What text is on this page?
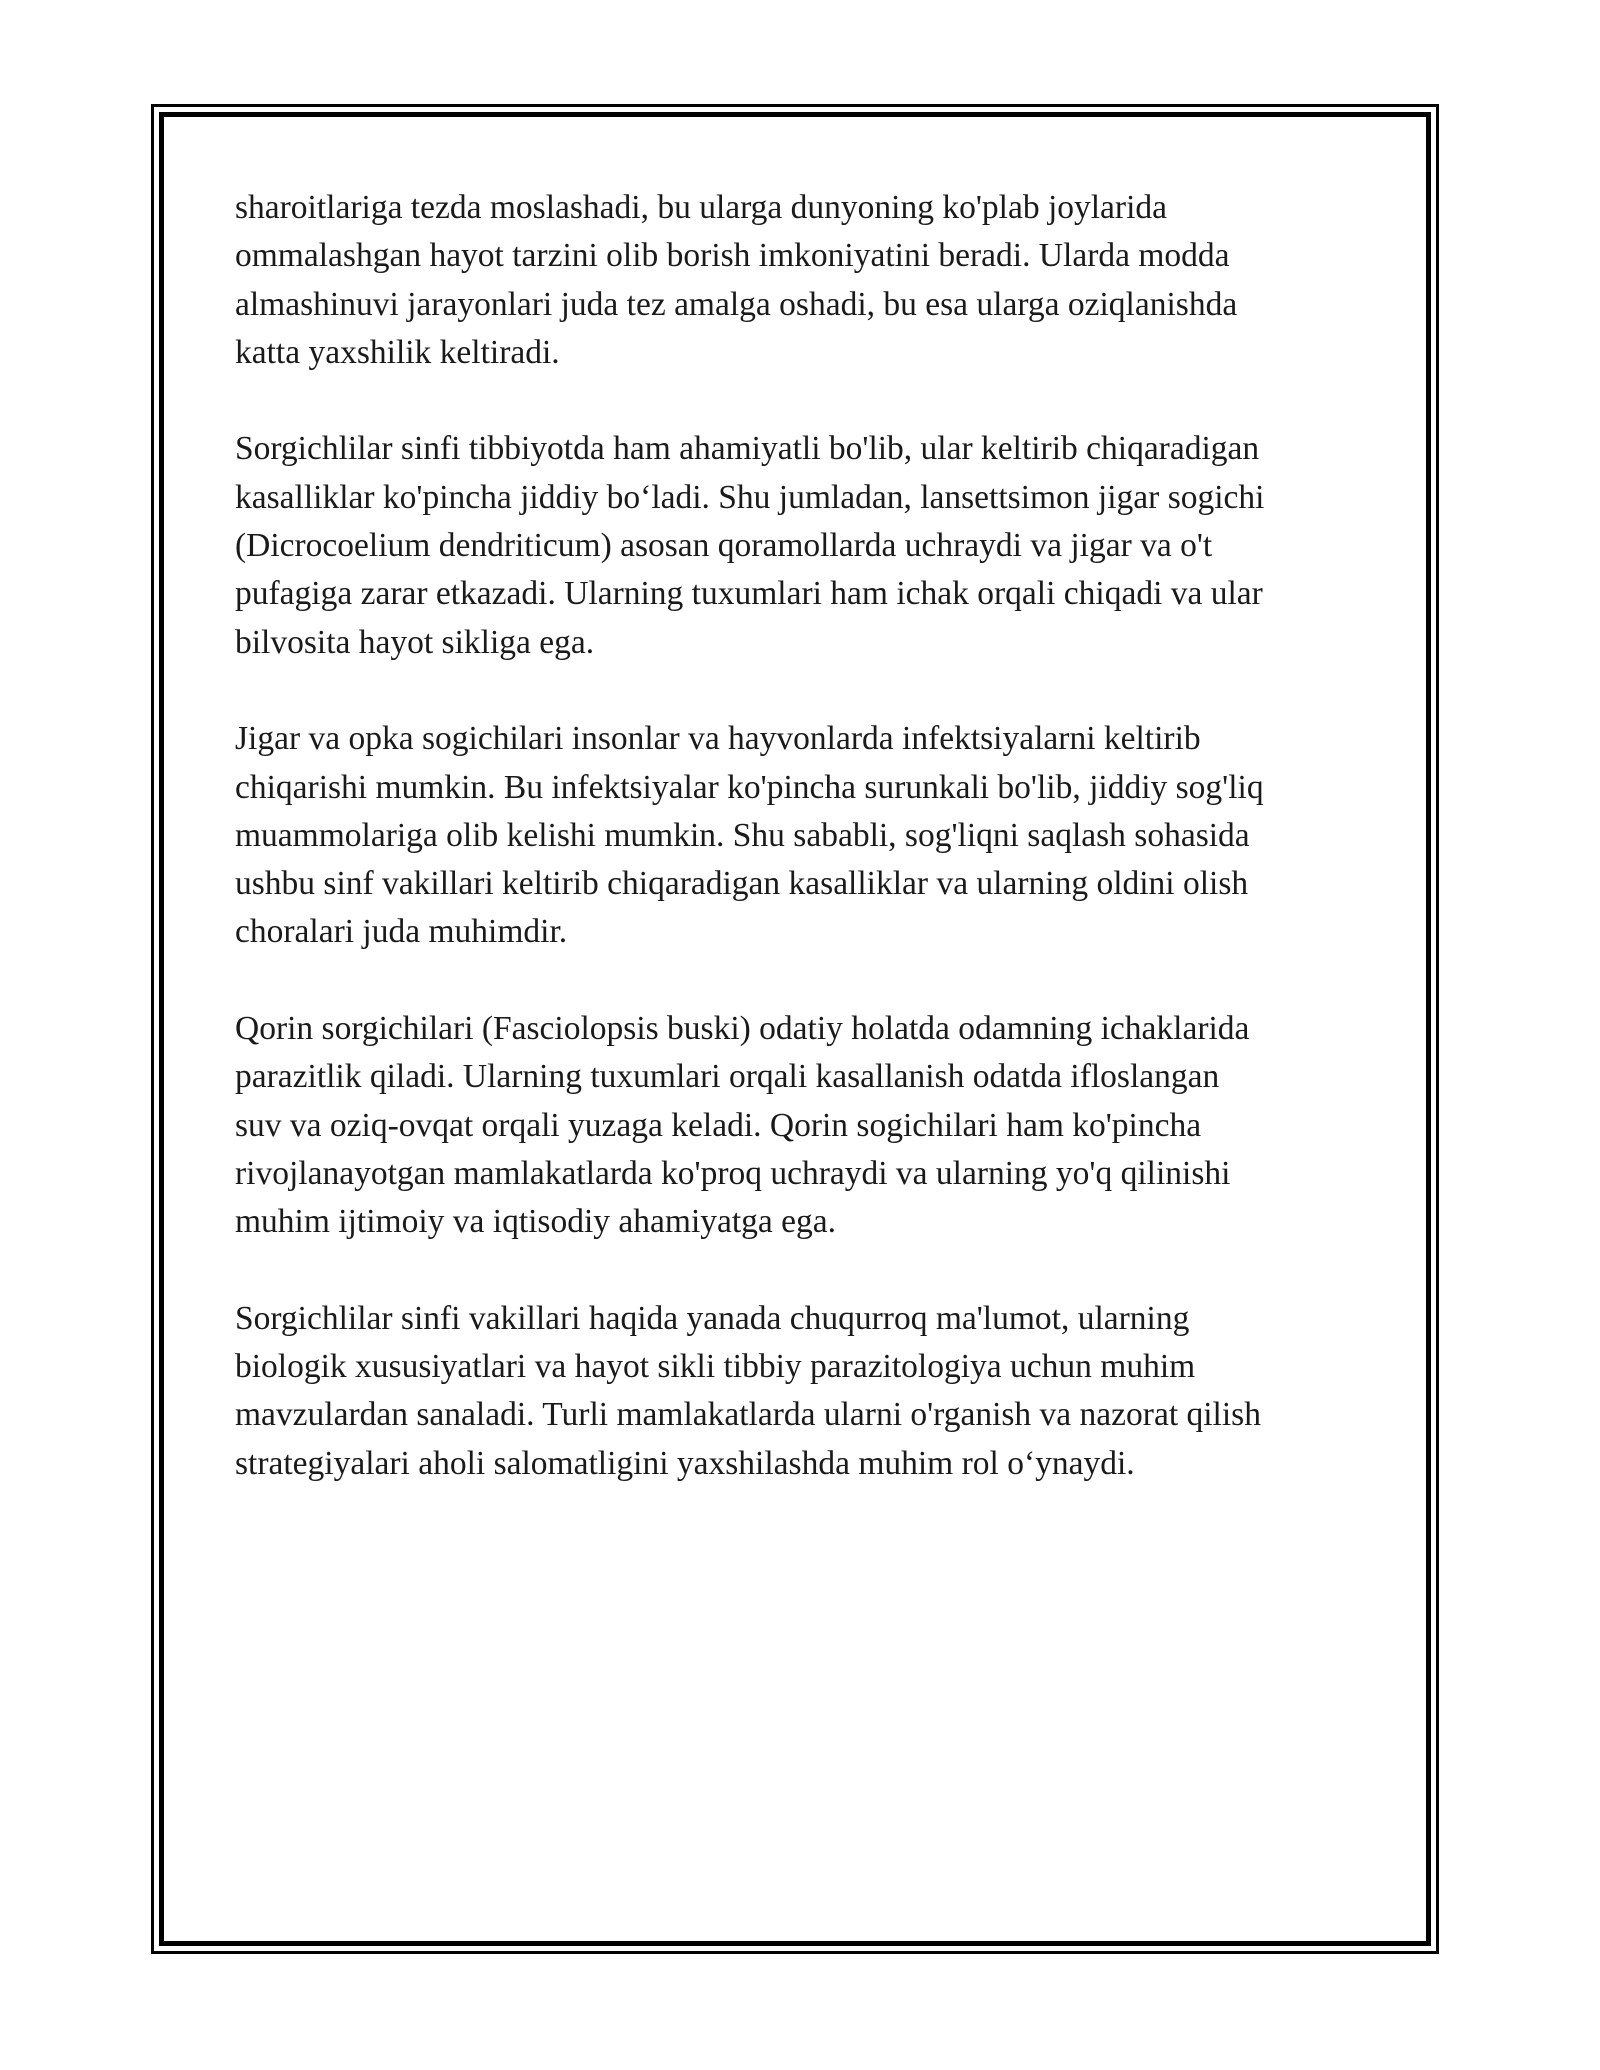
sharoitlariga tezda moslashadi, bu ularga dunyoning ko'plab joylarida
ommalashgan hayot tarzini olib borish imkoniyatini beradi. Ularda modda
almashinuvi jarayonlari juda tez amalga oshadi, bu esa ularga oziqlanishda
katta yaxshilik keltiradi.

Sorgichlilar sinfi tibbiyotda ham ahamiyatli bo'lib, ular keltirib chiqaradigan
kasalliklar ko'pincha jiddiy bo‘ladi. Shu jumladan, lansettsimon jigar sogichi
(Dicrocoelium dendriticum) asosan qoramollarda uchraydi va jigar va o't
pufagiga zarar etkazadi. Ularning tuxumlari ham ichak orqali chiqadi va ular
bilvosita hayot sikliga ega.

Jigar va opka sogichilari insonlar va hayvonlarda infektsiyalarni keltirib
chiqarishi mumkin. Bu infektsiyalar ko'pincha surunkali bo'lib, jiddiy sog'liq
muammolariga olib kelishi mumkin. Shu sababli, sog'liqni saqlash sohasida
ushbu sinf vakillari keltirib chiqaradigan kasalliklar va ularning oldini olish
choralari juda muhimdir.

Qorin sorgichilari (Fasciolopsis buski) odatiy holatda odamning ichaklarida
parazitlik qiladi. Ularning tuxumlari orqali kasallanish odatda ifloslangan
suv va oziq-ovqat orqali yuzaga keladi. Qorin sogichilari ham ko'pincha
rivojlanayotgan mamlakatlarda ko'proq uchraydi va ularning yo'q qilinishi
muhim ijtimoiy va iqtisodiy ahamiyatga ega.

Sorgichlilar sinfi vakillari haqida yanada chuqurroq ma'lumot, ularning
biologik xususiyatlari va hayot sikli tibbiy parazitologiya uchun muhim
mavzulardan sanaladi. Turli mamlakatlarda ularni o'rganish va nazorat qilish
strategiyalari aholi salomatligini yaxshilashda muhim rol o‘ynaydi.
